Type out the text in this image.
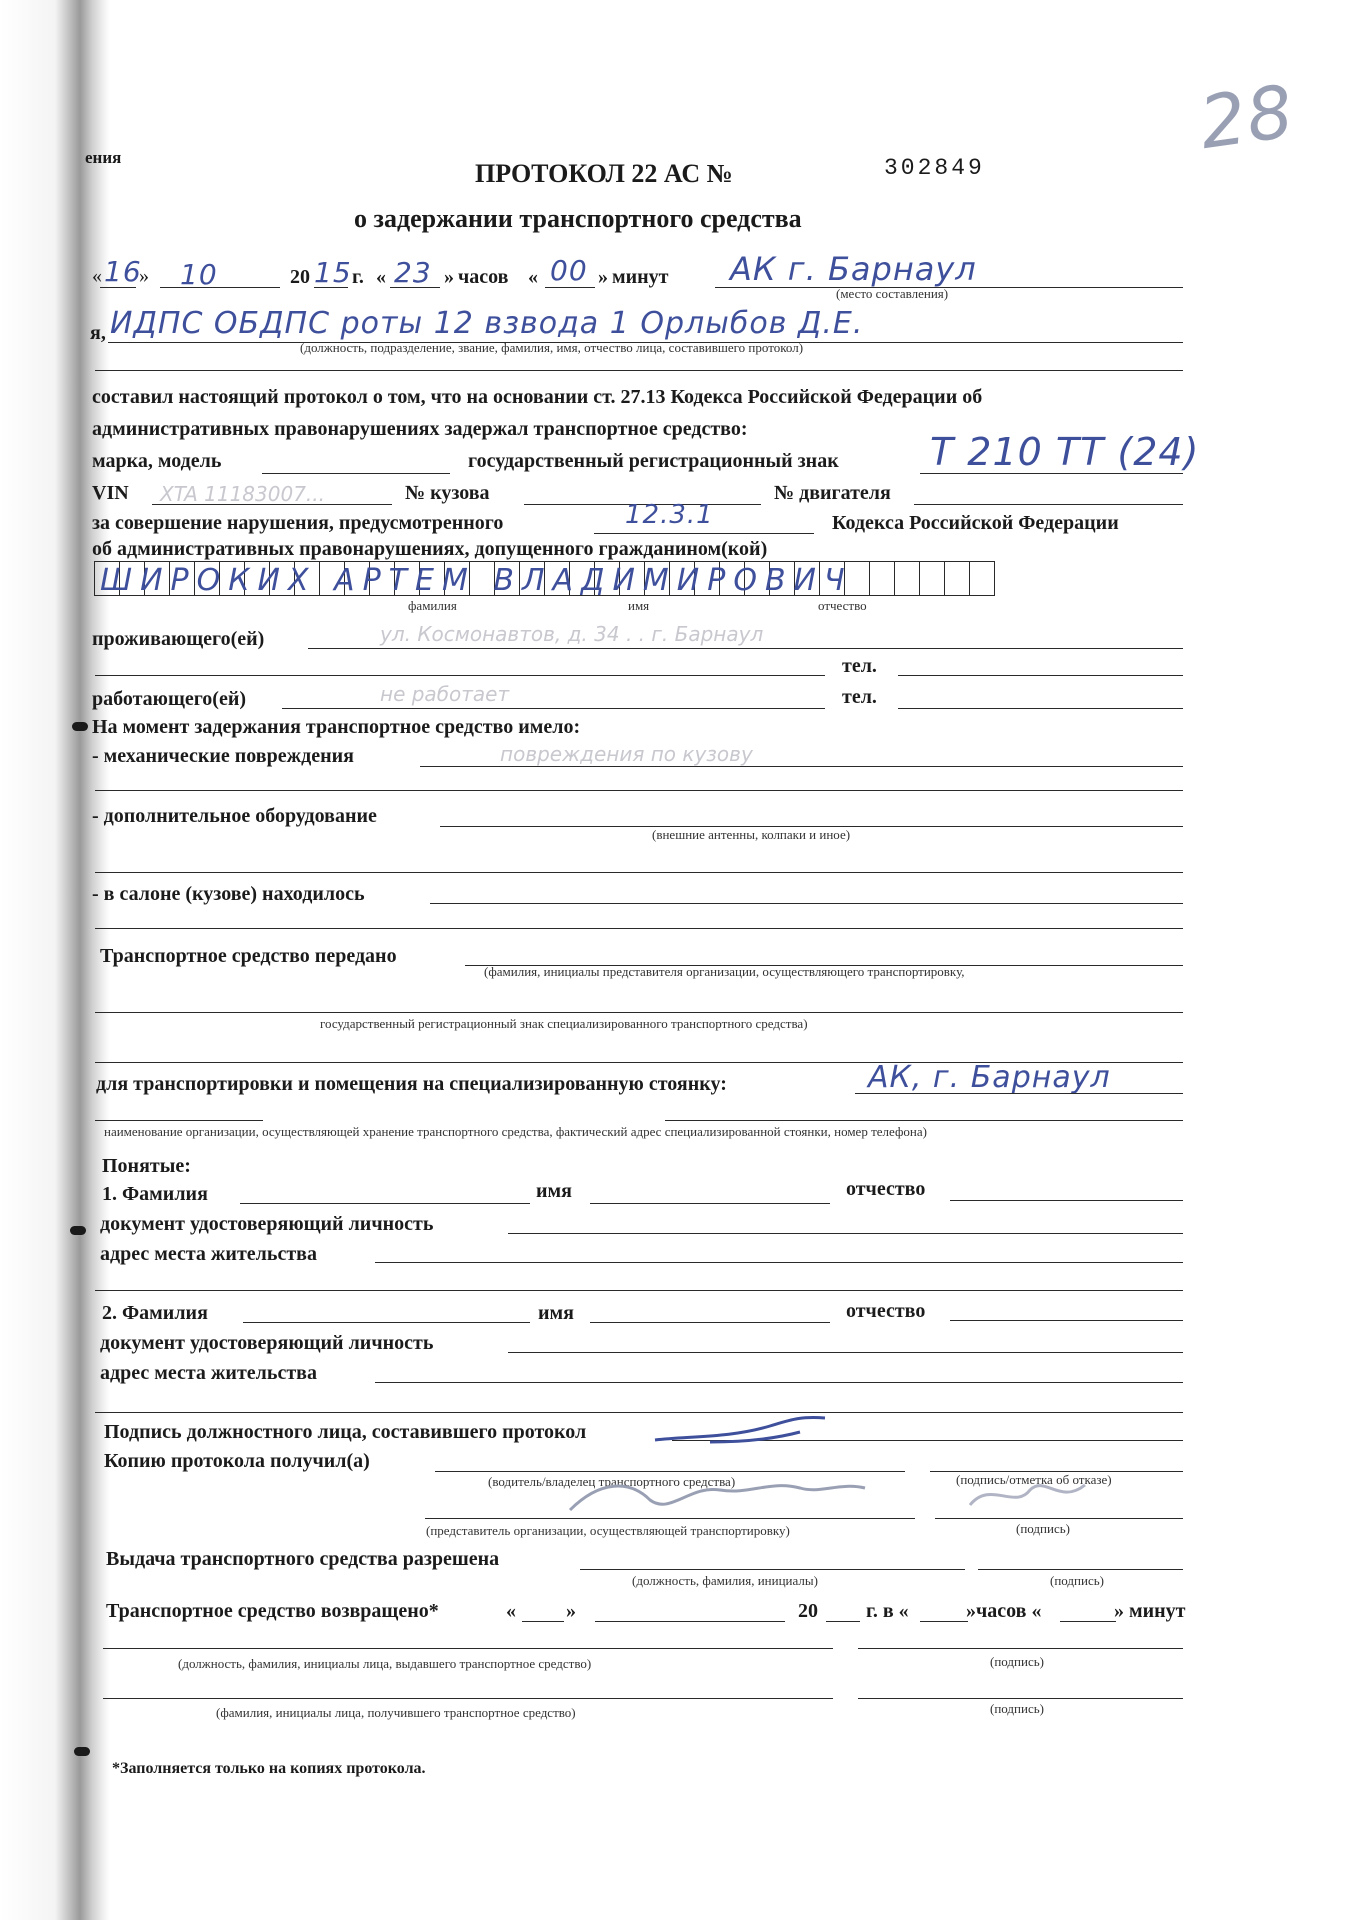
ения
ПРОТОКОЛ 22 АС №	302849
о задержании транспортного средства
28
« 16
» 10	20 15 г. « 23 » часов « 00 » минут АК г. Барнаул
(место составления)
я, ИДПС ОБДПС роты 12 взвода 1 Орлыбов Д.Е.
(должность, подразделение, звание, фамилия, имя, отчество лица, составившего протокол)
составил настоящий протокол о том, что на основании ст. 27.13 Кодекса Российской Федерации об
административных правонарушениях задержал транспортное средство:
марка, модель	государственный регистрационный знак Т 210 ТТ (24)
VIN XTA 11183007...	№ кузова	№ двигателя
за совершение нарушения, предусмотренного	12.3.1	Кодекса Российской Федерации
об административных правонарушениях, допущенного гражданином(кой)
ШИРОКИХ АРТЕМ ВЛАДИМИРОВИЧ
фамилия	имя	отчество
проживающего(ей)	ул. Космонавтов, д. 34 . . г. Барнаул
тел.
работающего(ей)	не работает	тел.
На момент задержания транспортное средство имело:
- механические повреждения	повреждения по кузову
- дополнительное оборудование
(внешние антенны, колпаки и иное)
- в салоне (кузове) находилось
Транспортное средство передано
(фамилия, инициалы представителя организации, осуществляющего транспортировку,
государственный регистрационный знак специализированного транспортного средства)
для транспортировки и помещения на специализированную стоянку:	АК, г. Барнаул
наименование организации, осуществляющей хранение транспортного средства, фактический адрес специализированной стоянки, номер телефона)
Понятые:
1. Фамилия	имя	отчество
документ удостоверяющий личность
адрес места жительства
2. Фамилия	имя	отчество
документ удостоверяющий личность
адрес места жительства
Подпись должностного лица, составившего протокол
Копию протокола получил(а)
(водитель/владелец транспортного средства)	(подпись/отметка об отказе)
(представитель организации, осуществляющей транспортировку)	(подпись)
Выдача транспортного средства разрешена
(должность, фамилия, инициалы)	(подпись)
Транспортное средство возвращено*	«	»	20 г. в «	»часов «	» минут
(должность, фамилия, инициалы лица, выдавшего транспортное средство)	(подпись)
(фамилия, инициалы лица, получившего транспортное средство)	(подпись)
*Заполняется только на копиях протокола.
